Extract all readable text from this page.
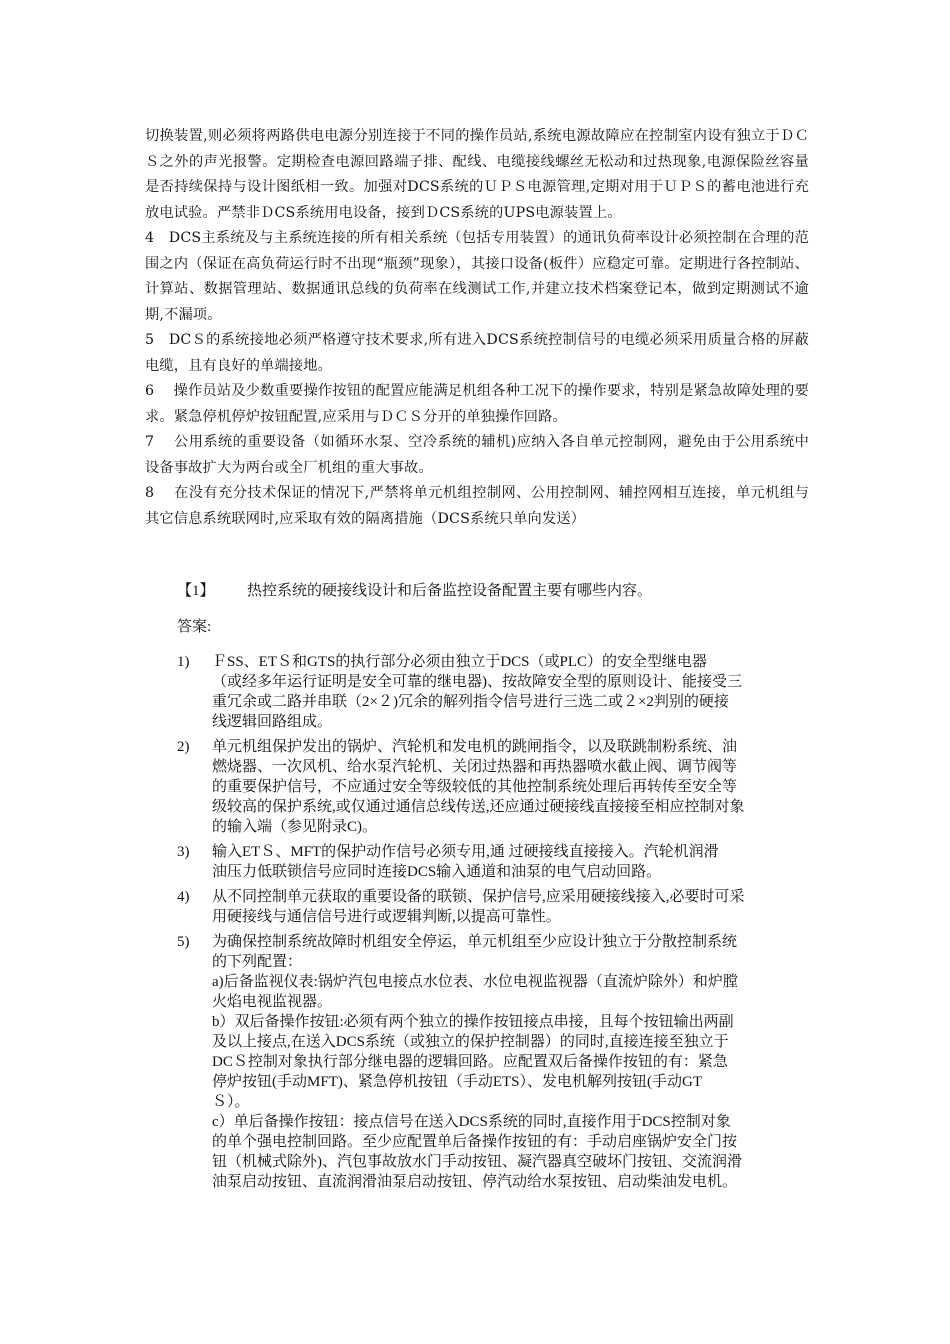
切换装置,则必须将两路供电电源分别连接于不同的操作员站,系统电源故障应在控制室内设有独立于ＤＣＳ之外的声光报警。定期检查电源回路端子排、配线、电缆接线螺丝无松动和过热现象,电源保险丝容量是否持续保持与设计图纸相一致。加强对DCS系统的ＵＰＳ电源管理,定期对用于ＵＰＳ的蓄电池进行充放电试验。严禁非ＤCS系统用电设备，接到ＤCS系统的UPS电源装置上。

4　DCS主系统及与主系统连接的所有相关系统（包括专用装置）的通讯负荷率设计必须控制在合理的范围之内（保证在高负荷运行时不出现“瓶颈”现象），其接口设备(板件）应稳定可靠。定期进行各控制站、计算站、数据管理站、数据通讯总线的负荷率在线测试工作,并建立技术档案登记本，做到定期测试不逾期,不漏项。

5　DCＳ的系统接地必须严格遵守技术要求,所有进入DCS系统控制信号的电缆必须采用质量合格的屏蔽电缆，且有良好的单端接地。

6　 操作员站及少数重要操作按钮的配置应能满足机组各种工况下的操作要求，特别是紧急故障处理的要求。紧急停机停炉按钮配置,应采用与ＤＣＳ分开的单独操作回路。

7　 公用系统的重要设备（如循环水泵、空冷系统的辅机)应纳入各自单元控制网，避免由于公用系统中设备事故扩大为两台或全厂机组的重大事故。

8　 在没有充分技术保证的情况下,严禁将单元机组控制网、公用控制网、辅控网相互连接，单元机组与其它信息系统联网时,应采取有效的隔离措施（DCS系统只单向发送）

【1】 热控系统的硬接线设计和后备监控设备配置主要有哪些内容。

答案:

1) ＦSS、ETＳ和GTS的执行部分必须由独立于DCS（或PLC）的安全型继电器
（或经多年运行证明是安全可靠的继电器)、按故障安全型的原则设计、能接受三
重冗余或二路并串联（2×２)冗余的解列指令信号进行三选二或２×2判别的硬接
线逻辑回路组成。
2) 单元机组保护发出的锅炉、汽轮机和发电机的跳闸指令，以及联跳制粉系统、油
燃烧器、一次风机、给水泵汽轮机、关闭过热器和再热器喷水截止阀、调节阀等
的重要保护信号，不应通过安全等级较低的其他控制系统处理后再转传至安全等
级较高的保护系统,或仅通过通信总线传送,还应通过硬接线直接接至相应控制对象
的输入端（参见附录C)。
3) 输入ETＳ、MFT的保护动作信号必须专用,通 过硬接线直接接入。汽轮机润滑
油压力低联锁信号应同时连接DCS输入通道和油泵的电气启动回路。
4) 从不同控制单元获取的重要设备的联锁、保护信号,应采用硬接线接入,必要时可采
用硬接线与通信信号进行或逻辑判断,以提高可靠性。
5) 为确保控制系统故障时机组安全停运，单元机组至少应设计独立于分散控制系统
的下列配置：
a)后备监视仪表:锅炉汽包电接点水位表、水位电视监视器（直流炉除外）和炉膛
火焰电视监视器。
b）双后备操作按钮:必须有两个独立的操作按钮接点串接，且每个按钮输出两副
及以上接点,在送入DCS系统（或独立的保护控制器）的同时,直接连接至独立于
DCＳ控制对象执行部分继电器的逻辑回路。应配置双后备操作按钮的有：紧急
停炉按钮(手动MFT)、紧急停机按钮（手动ETS）、发电机解列按钮(手动GT
Ｓ）。
c）单后备操作按钮：接点信号在送入DCS系统的同时,直接作用于DCS控制对象
的单个强电控制回路。至少应配置单后备操作按钮的有：手动启座锅炉安全门按
钮（机械式除外)、汽包事故放水门手动按钮、凝汽器真空破坏门按钮、交流润滑
油泵启动按钮、直流润滑油泵启动按钮、停汽动给水泵按钮、启动柴油发电机。
